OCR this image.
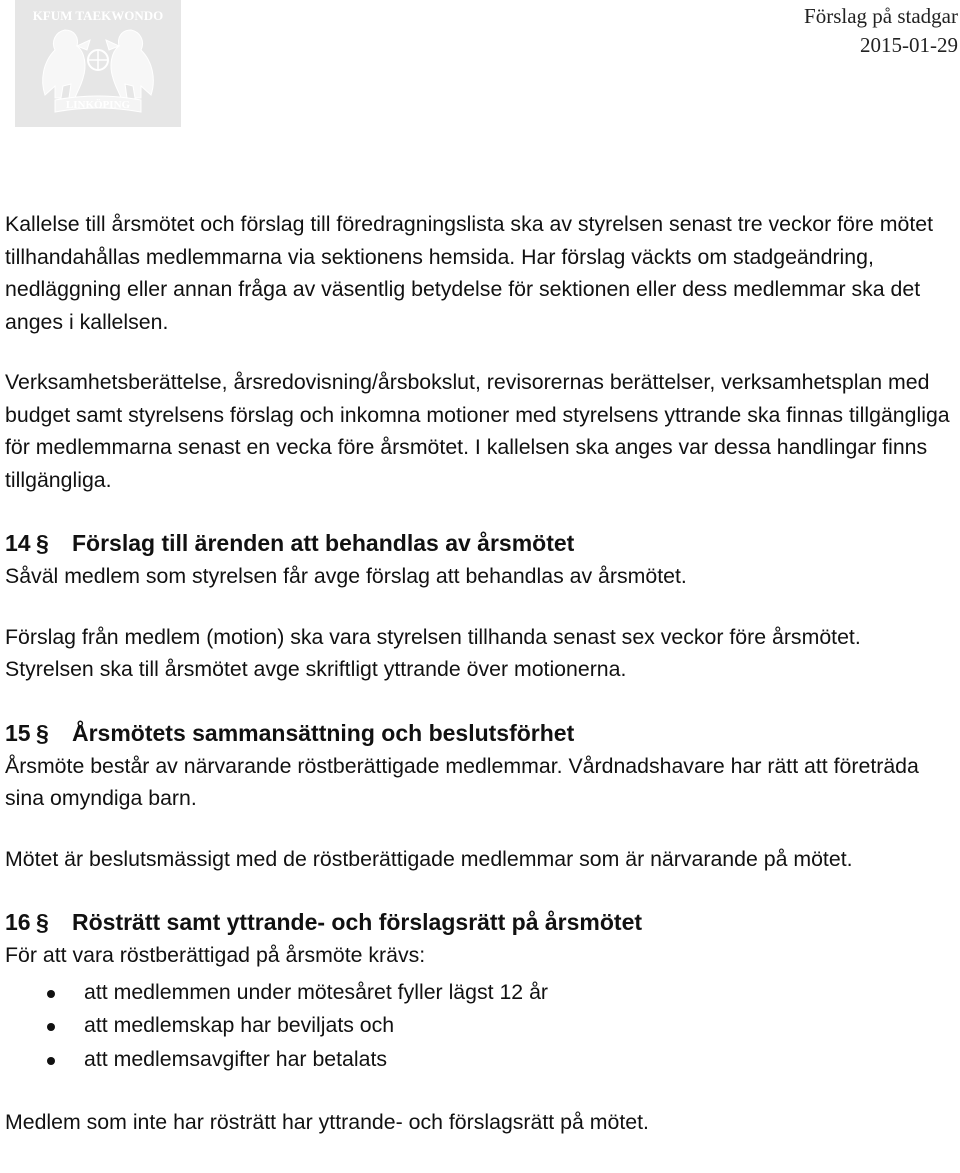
KFUM TAEKWONDO
LINKÖPING
Förslag på stadgar
2015-01-29

Kallelse till årsmötet och förslag till föredragningslista ska av styrelsen senast tre veckor före mötet tillhandahållas medlemmarna via sektionens hemsida. Har förslag väckts om stadgeändring, nedläggning eller annan fråga av väsentlig betydelse för sektionen eller dess medlemmar ska det anges i kallelsen.

Verksamhetsberättelse, årsredovisning/årsbokslut, revisorernas berättelser, verksamhetsplan med budget samt styrelsens förslag och inkomna motioner med styrelsens yttrande ska finnas tillgängliga för medlemmarna senast en vecka före årsmötet. I kallelsen ska anges var dessa handlingar finns tillgängliga.

14 § Förslag till ärenden att behandlas av årsmötet

Såväl medlem som styrelsen får avge förslag att behandlas av årsmötet.

Förslag från medlem (motion) ska vara styrelsen tillhanda senast sex veckor före årsmötet. Styrelsen ska till årsmötet avge skriftligt yttrande över motionerna.

15 § Årsmötets sammansättning och beslutsförhet

Årsmöte består av närvarande röstberättigade medlemmar. Vårdnadshavare har rätt att företräda sina omyndiga barn.

Mötet är beslutsmässigt med de röstberättigade medlemmar som är närvarande på mötet.

16 § Rösträtt samt yttrande- och förslagsrätt på årsmötet

För att vara röstberättigad på årsmöte krävs:

att medlemmen under mötesåret fyller lägst 12 år
att medlemskap har beviljats och
att medlemsavgifter har betalats

Medlem som inte har rösträtt har yttrande- och förslagsrätt på mötet.
